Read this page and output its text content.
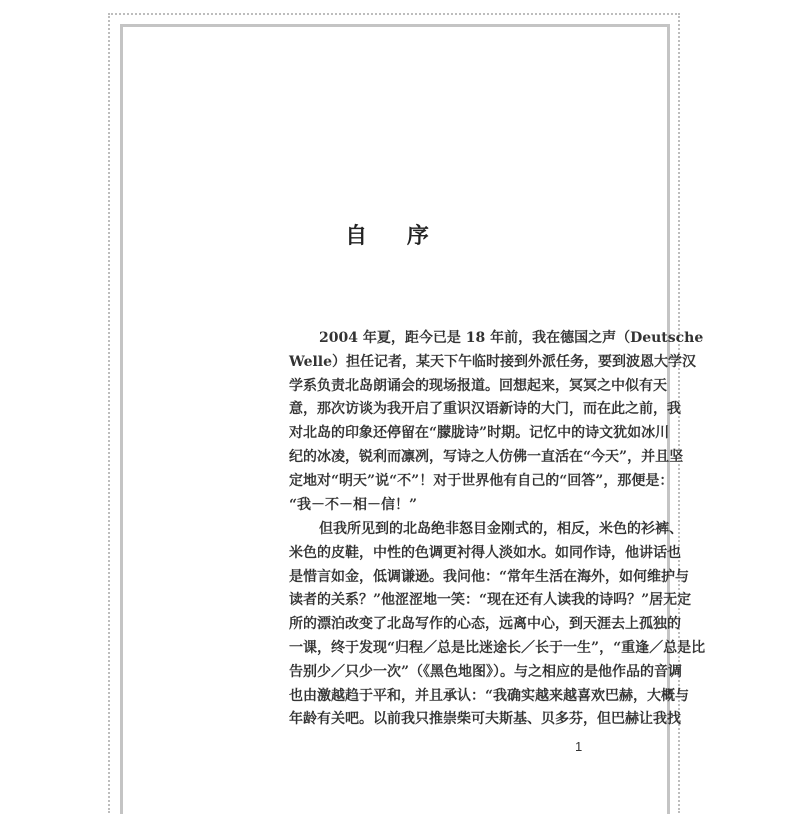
自 序
2004 年夏，距今已是 18 年前，我在德国之声（Deutsche
Welle）担任记者，某天下午临时接到外派任务，要到波恩大学汉
学系负责北岛朗诵会的现场报道。回想起来，冥冥之中似有天
意，那次访谈为我开启了重识汉语新诗的大门，而在此之前，我
对北岛的印象还停留在“朦胧诗”时期。记忆中的诗文犹如冰川
纪的冰凌，锐利而凛冽，写诗之人仿佛一直活在“今天”，并且坚
定地对“明天”说“不”！对于世界他有自己的“回答”，那便是：
“我－不－相－信！”
但我所见到的北岛绝非怒目金刚式的，相反，米色的衫裤、
米色的皮鞋，中性的色调更衬得人淡如水。如同作诗，他讲话也
是惜言如金，低调谦逊。我问他：“常年生活在海外，如何维护与
读者的关系？”他涩涩地一笑：“现在还有人读我的诗吗？”居无定
所的漂泊改变了北岛写作的心态，远离中心，到天涯去上孤独的
一课，终于发现“归程／总是比迷途长／长于一生”，“重逢／总是比
告别少／只少一次”（《黑色地图》）。与之相应的是他作品的音调
也由激越趋于平和，并且承认：“我确实越来越喜欢巴赫，大概与
年龄有关吧。以前我只推崇柴可夫斯基、贝多芬，但巴赫让我找
1
